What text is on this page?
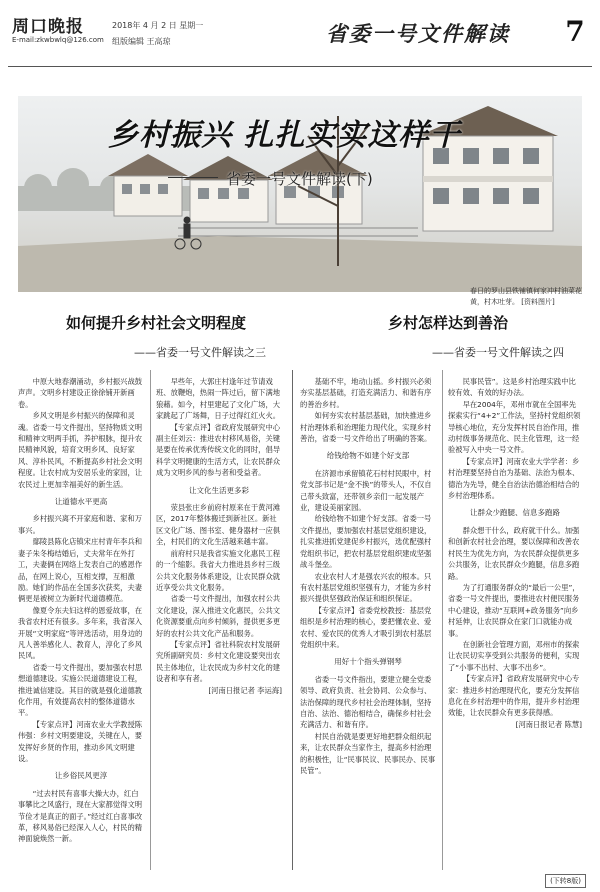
周口晚报	2018年 4 月 2 日 星期一
E-mail:zkwbwlq@126.com 组版编辑 王高琼	省委一号文件解读 7
乡村振兴 扎扎实实这样干
省委一号文件解读(下)
春日的罗山县铁铺镇何家冲村油菜花黄，村木吐芽。 [资料图片]
如何提升乡村社会文明程度
——省委一号文件解读之三
乡村怎样达到善治
——省委一号文件解读之四

中原大地春潮涌动，乡村振兴战鼓声声。文明乡村建设正徐徐铺开新画卷。

乡风文明是乡村振兴的保障和灵魂。省委一号文件提出，坚持物质文明和精神文明两手抓，养护根脉，提升农民精神风貌，培育文明乡风、良好家风、淳朴民风，不断提高乡村社会文明程度。让农村成为安居乐业的家园，让农民过上更加幸福美好的新生活。

让道德水平更高

乡村振兴离不开家庭和谐、家和万事兴。

鄢陵县陈化店镇宋庄村青年李兵和妻子朱冬梅结婚后，丈夫常年在外打工，夫妻俩在网络上发表自己的感恩作品，在网上说心，互相支撑，互相激励。她们的作品在全国多次获奖，夫妻俩更是被树立为新时代道德模范。

像夏令东夫妇这样的恩爱故事，在我省农村还有很多。多年来，我省深入开展“文明家庭”等评选活动，用身边的凡人善举感化人、教育人，淳化了乡风民风。

省委一号文件提出，要加强农村思想道德建设。实施公民道德建设工程，推进诚信建设。其目的就是强化道德教化作用，有效提高农村的整体道德水平。

【专家点评】河南农业大学教授陈伟强：乡村文明要建设，关键在人，要发挥好乡贤的作用，推动乡风文明建设。

让乡俗民风更淳

“过去村民有喜事大操大办，红白事攀比之风盛行，现在大家都觉得文明节俭才是真正的面子。”经过红白喜事改革，移风易俗已经深入人心，村民的精神面貌焕然一新。

早些年，大郭庄村逢年过节请戏班、放鞭炮，热闹一阵过后，留下满地狼藉。如今，村里建起了文化广场，大家跳起了广场舞，日子过得红红火火。

【专家点评】省政府发展研究中心副主任刘云：推进农村移风易俗，关键是要在传承优秀传统文化的同时，倡导科学文明健康的生活方式，让农民群众成为文明乡风的参与者和受益者。

让文化生活更多彩

荥县张庄乡前府村原来在于黄河滩区，2017年整体搬迁到新社区。新社区文化广场、图书室、健身器材一应俱全，村民们的文化生活越来越丰富。

前府村只是我省实施文化惠民工程的一个缩影。我省大力推进县乡村三级公共文化服务体系建设，让农民群众就近享受公共文化服务。

省委一号文件提出，加强农村公共文化建设，深入推进文化惠民，公共文化资源要重点向乡村倾斜，提供更多更好的农村公共文化产品和服务。

【专家点评】省社科院农村发展研究所副研究员：乡村文化建设要突出农民主体地位，让农民成为乡村文化的建设者和享有者。

[河南日报记者 李运海]

基础不牢，地动山摇。乡村振兴必须夯实基层基础，打造充满活力、和谐有序的善治乡村。

如何夯实农村基层基础，加快推进乡村治理体系和治理能力现代化，实现乡村善治，省委一号文件给出了明确的答案。

给钱给物不如建个好支部

在济源市承留镇花石村村民眼中，村党支部书记是“金不换”的带头人，不仅自己带头致富，还带领乡亲们一起发展产业，建设美丽家园。

给钱给物不如建个好支部。省委一号文件提出，要加强农村基层党组织建设，扎实推进抓党建促乡村振兴，选优配强村党组织书记，把农村基层党组织建成坚强战斗堡垒。

农业农村人才是强农兴农的根本。只有农村基层党组织坚强有力，才能为乡村振兴提供坚强政治保证和组织保证。

【专家点评】省委党校教授：基层党组织是乡村治理的核心，要把懂农业、爱农村、爱农民的优秀人才吸引到农村基层党组织中来。

用好十个指头弹钢琴

省委一号文件指出，要建立健全党委领导、政府负责、社会协同、公众参与、法治保障的现代乡村社会治理体制，坚持自治、法治、德治相结合，确保乡村社会充满活力、和谐有序。

村民自治就是要更好地把群众组织起来，让农民群众当家作主，提高乡村治理的积极性，让“民事民议、民事民办、民事民管”。

民事民管”。这是乡村治理实践中比较有效、有效的好办法。

早在2004年，邓州市就在全国率先探索实行“4+2”工作法，坚持村党组织领导核心地位，充分发挥村民自治作用，推动村级事务规范化、民主化管理，这一经验被写入中央一号文件。

【专家点评】河南农业大学学者：乡村治理要坚持自治为基础、法治为根本、德治为先导，健全自治法治德治相结合的乡村治理体系。

让群众少跑腿、信息多跑路

群众想干什么，政府就干什么。加强和创新农村社会治理，要以保障和改善农村民生为优先方向，为农民群众提供更多公共服务，让农民群众少跑腿，信息多跑路。

为了打通服务群众的“最后一公里”，省委一号文件提出，要推进农村便民服务中心建设，推动“互联网+政务服务”向乡村延伸，让农民群众在家门口就能办成事。

在创新社会管理方面，邓州市的探索让农民切实享受到公共服务的便利，实现了“小事不出村、大事不出乡”。

【专家点评】省政府发展研究中心专家：推进乡村治理现代化，要充分发挥信息化在乡村治理中的作用，提升乡村治理效能，让农民群众有更多获得感。

[河南日报记者 陈慧]

(下转8版)
